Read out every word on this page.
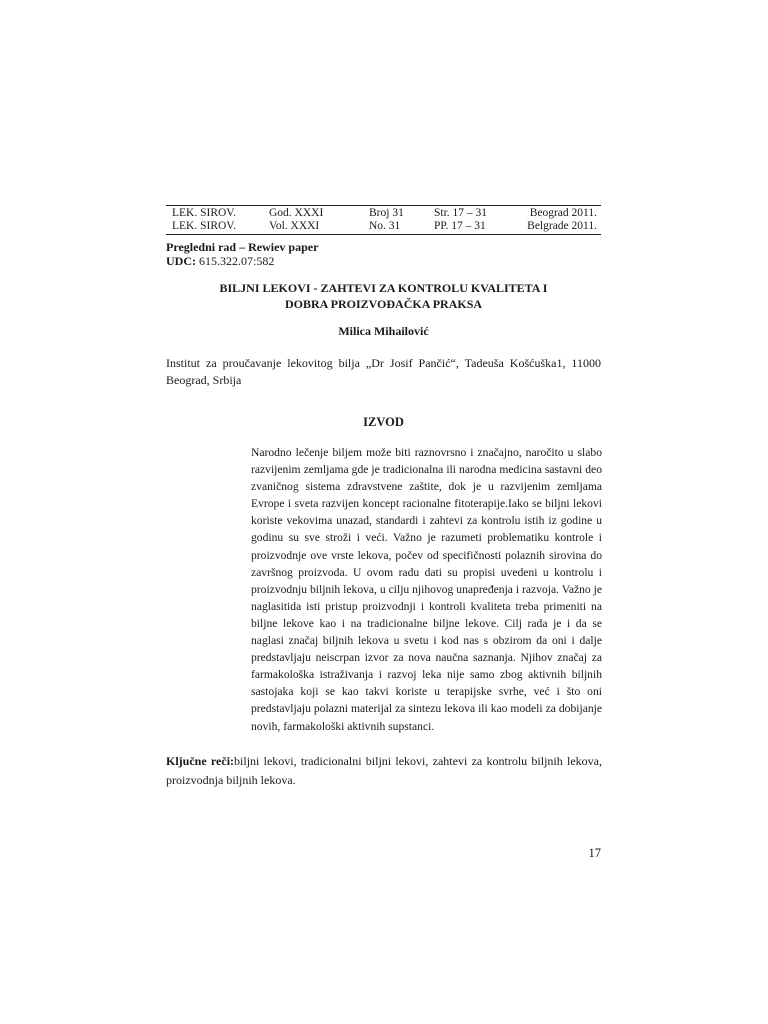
LEK. SIROV.	God. XXXI	Broj 31	Str. 17 – 31	Beograd 2011.
LEK. SIROV.	Vol. XXXI	No. 31	PP. 17 – 31	Belgrade 2011.
Pregledni rad – Rewiev paper
UDC: 615.322.07:582
BILJNI LEKOVI - ZAHTEVI ZA KONTROLU KVALITETA I
DOBRA PROIZVOĐAČKA PRAKSA
Milica Mihailović
Institut za proučavanje lekovitog bilja „Dr Josif Pančić“, Tadeuša Košćuška1, 11000 Beograd, Srbija
IZVOD
Narodno lečenje biljem može biti raznovrsno i značajno, naročito u slabo razvijenim zemljama gde je tradicionalna ili narodna medicina sastavni deo zvaničnog sistema zdravstvene zaštite, dok je u razvijenim zemljama Evrope i sveta razvijen koncept racionalne fitoterapije.Iako se biljni lekovi koriste vekovima unazad, standardi i zahtevi za kontrolu istih iz godine u godinu su sve stroži i veći. Važno je razumeti problematiku kontrole i proizvodnje ove vrste lekova, počev od specifičnosti polaznih sirovina do završnog proizvoda. U ovom radu dati su propisi uvedeni u kontrolu i proizvodnju biljnih lekova, u cilju njihovog unapređenja i razvoja. Važno je naglasitida isti pristup proizvodnji i kontroli kvaliteta treba primeniti na biljne lekove kao i na tradicionalne biljne lekove. Cilj rada je i da se naglasi značaj biljnih lekova u svetu i kod nas s obzirom da oni i dalje predstavljaju neiscrpan izvor za nova naučna saznanja. Njihov značaj za farmakološka istraživanja i razvoj leka nije samo zbog aktivnih biljnih sastojaka koji se kao takvi koriste u terapijske svrhe, već i što oni predstavljaju polazni materijal za sintezu lekova ili kao modeli za dobijanje novih, farmakološki aktivnih supstanci.
Ključne reči:biljni lekovi, tradicionalni biljni lekovi, zahtevi za kontrolu biljnih lekova, proizvodnja biljnih lekova.
17
